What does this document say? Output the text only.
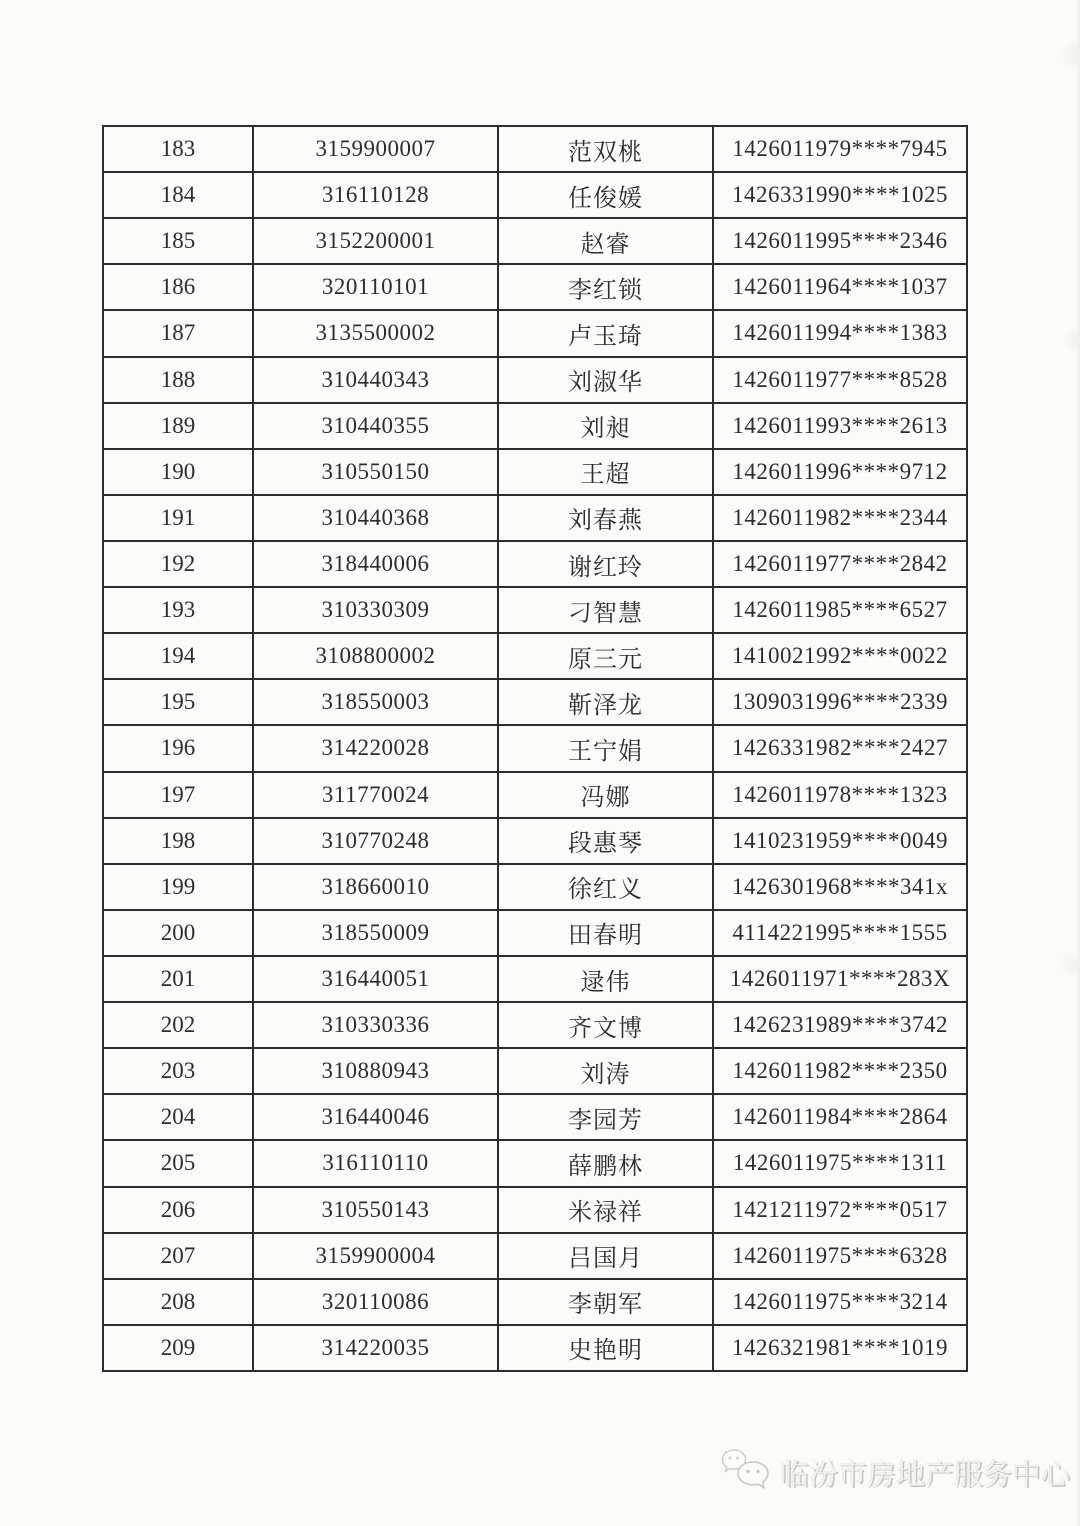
183	3159900007	范双桃	1426011979****7945
184	316110128	任俊媛	1426331990****1025
185	3152200001	赵睿	1426011995****2346
186	320110101	李红锁	1426011964****1037
187	3135500002	卢玉琦	1426011994****1383
188	310440343	刘淑华	1426011977****8528
189	310440355	刘昶	1426011993****2613
190	310550150	王超	1426011996****9712
191	310440368	刘春燕	1426011982****2344
192	318440006	谢红玲	1426011977****2842
193	310330309	刁智慧	1426011985****6527
194	3108800002	原三元	1410021992****0022
195	318550003	靳泽龙	1309031996****2339
196	314220028	王宁娟	1426331982****2427
197	311770024	冯娜	1426011978****1323
198	310770248	段惠琴	1410231959****0049
199	318660010	徐红义	1426301968****341x
200	318550009	田春明	4114221995****1555
201	316440051	逯伟	1426011971****283X
202	310330336	齐文博	1426231989****3742
203	310880943	刘涛	1426011982****2350
204	316440046	李园芳	1426011984****2864
205	316110110	薛鹏林	1426011975****1311
206	310550143	米禄祥	1421211972****0517
207	3159900004	吕国月	1426011975****6328
208	320110086	李朝军	1426011975****3214
209	314220035	史艳明	1426321981****1019
临汾市房地产服务中心
